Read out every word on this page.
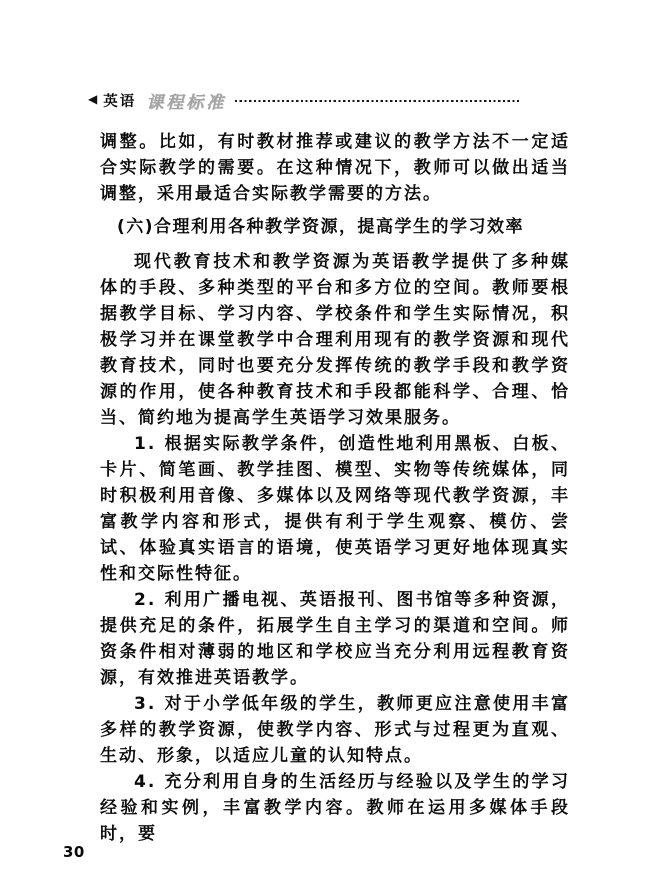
◀ 英语 课程标准

调整。比如，有时教材推荐或建议的教学方法不一定适合实际教学的需要。在这种情况下，教师可以做出适当调整，采用最适合实际教学需要的方法。

(六)合理利用各种教学资源，提高学生的学习效率

现代教育技术和教学资源为英语教学提供了多种媒体的手段、多种类型的平台和多方位的空间。教师要根据教学目标、学习内容、学校条件和学生实际情况，积极学习并在课堂教学中合理利用现有的教学资源和现代教育技术，同时也要充分发挥传统的教学手段和教学资源的作用，使各种教育技术和手段都能科学、合理、恰当、简约地为提高学生英语学习效果服务。

1. 根据实际教学条件，创造性地利用黑板、白板、卡片、简笔画、教学挂图、模型、实物等传统媒体，同时积极利用音像、多媒体以及网络等现代教学资源，丰富教学内容和形式，提供有利于学生观察、模仿、尝试、体验真实语言的语境，使英语学习更好地体现真实性和交际性特征。

2. 利用广播电视、英语报刊、图书馆等多种资源，提供充足的条件，拓展学生自主学习的渠道和空间。师资条件相对薄弱的地区和学校应当充分利用远程教育资源，有效推进英语教学。

3. 对于小学低年级的学生，教师更应注意使用丰富多样的教学资源，使教学内容、形式与过程更为直观、生动、形象，以适应儿童的认知特点。

4. 充分利用自身的生活经历与经验以及学生的学习经验和实例，丰富教学内容。教师在运用多媒体手段时，要

30
